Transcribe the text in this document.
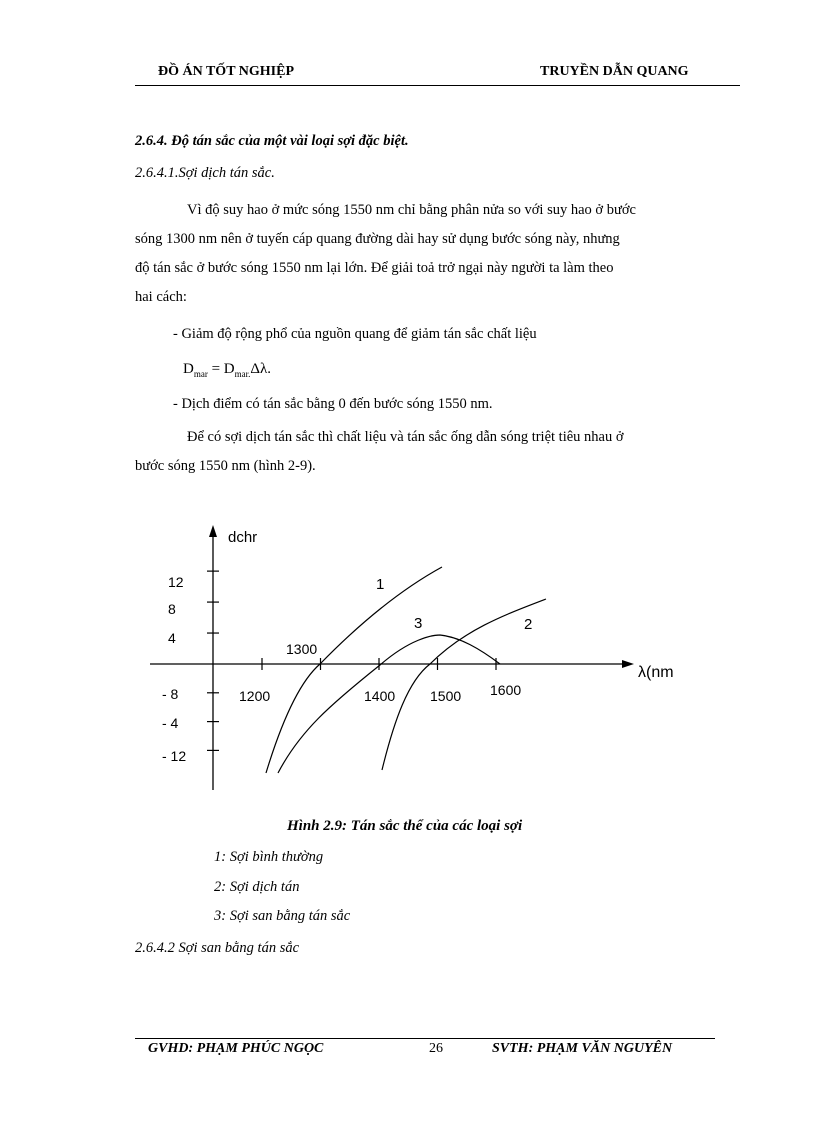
ĐỒ ÁN TỐT NGHIỆP	TRUYỀN DẪN QUANG
2.6.4. Độ tán sắc của một vài loại sợi đặc biệt.
2.6.4.1.Sợi dịch tán sắc.
Vì độ suy hao ở mức sóng 1550 nm chỉ bằng phân nửa so với suy hao ở bước
sóng 1300 nm nên ở tuyến cáp quang đường dài hay sử dụng bước sóng này, nhưng
độ tán sắc ở bước sóng 1550 nm lại lớn. Để giải toả trở ngại này người ta làm theo
hai cách:
- Giảm độ rộng phổ của nguồn quang để giảm tán sắc chất liệu
$D_{mar} = D_{mar.}\Delta\lambda$.
- Dịch điểm có tán sắc bằng 0 đến bước sóng 1550 nm.
Để có sợi dịch tán sắc thì chất liệu và tán sắc ống dẫn sóng triệt tiêu nhau ở
bước sóng 1550 nm (hình 2-9).
dchr
λ(nm
12
8
4
- 8
- 4
- 12
1200
1300
1400 1500 1600
1
2
3
Hình 2.9: Tán sắc thể của các loại sợi
1: Sợi bình thường
2: Sợi dịch tán
3: Sợi san bằng tán sắc
2.6.4.2 Sợi san bằng tán sắc
GVHD: PHẠM PHÚC NGỌC	26	SVTH: PHẠM VĂN NGUYÊN
